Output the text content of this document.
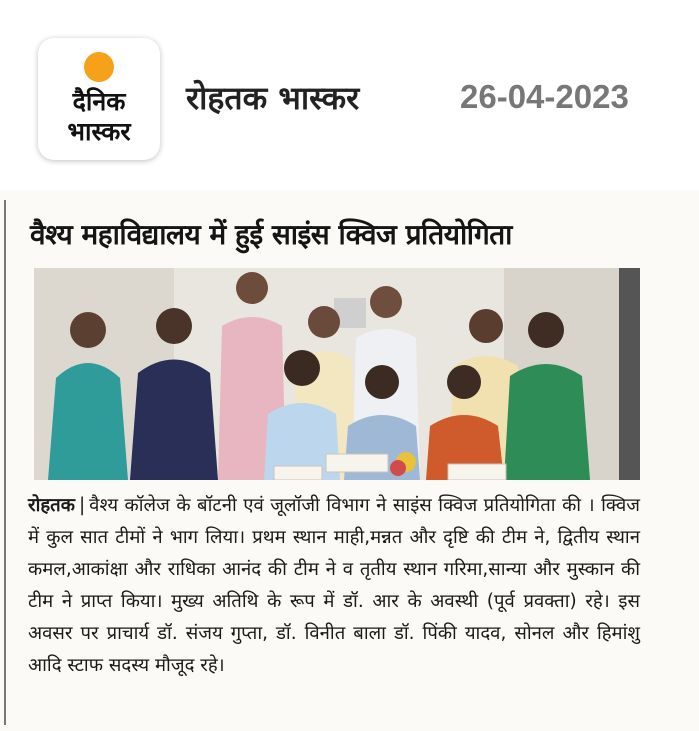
दैनिक
भास्कर
रोहतक भास्कर	26-04-2023
वैश्य महाविद्यालय में हुई साइंस क्विज प्रतियोगिता
रोहतक | वैश्य कॉलेज के बॉटनी एवं जूलॉजी विभाग ने साइंस क्विज प्रतियोगिता की । क्विज में कुल सात टीमों ने भाग लिया। प्रथम स्थान माही,मन्नत और दृष्टि की टीम ने, द्वितीय स्थान कमल,आकांक्षा और राधिका आनंद की टीम ने व तृतीय स्थान गरिमा,सान्या और मुस्कान की टीम ने प्राप्त किया। मुख्य अतिथि के रूप में डॉ. आर के अवस्थी (पूर्व प्रवक्ता) रहे। इस अवसर पर प्राचार्य डॉ. संजय गुप्ता, डॉ. विनीत बाला डॉ. पिंकी यादव, सोनल और हिमांशु आदि स्टाफ सदस्य मौजूद रहे।
